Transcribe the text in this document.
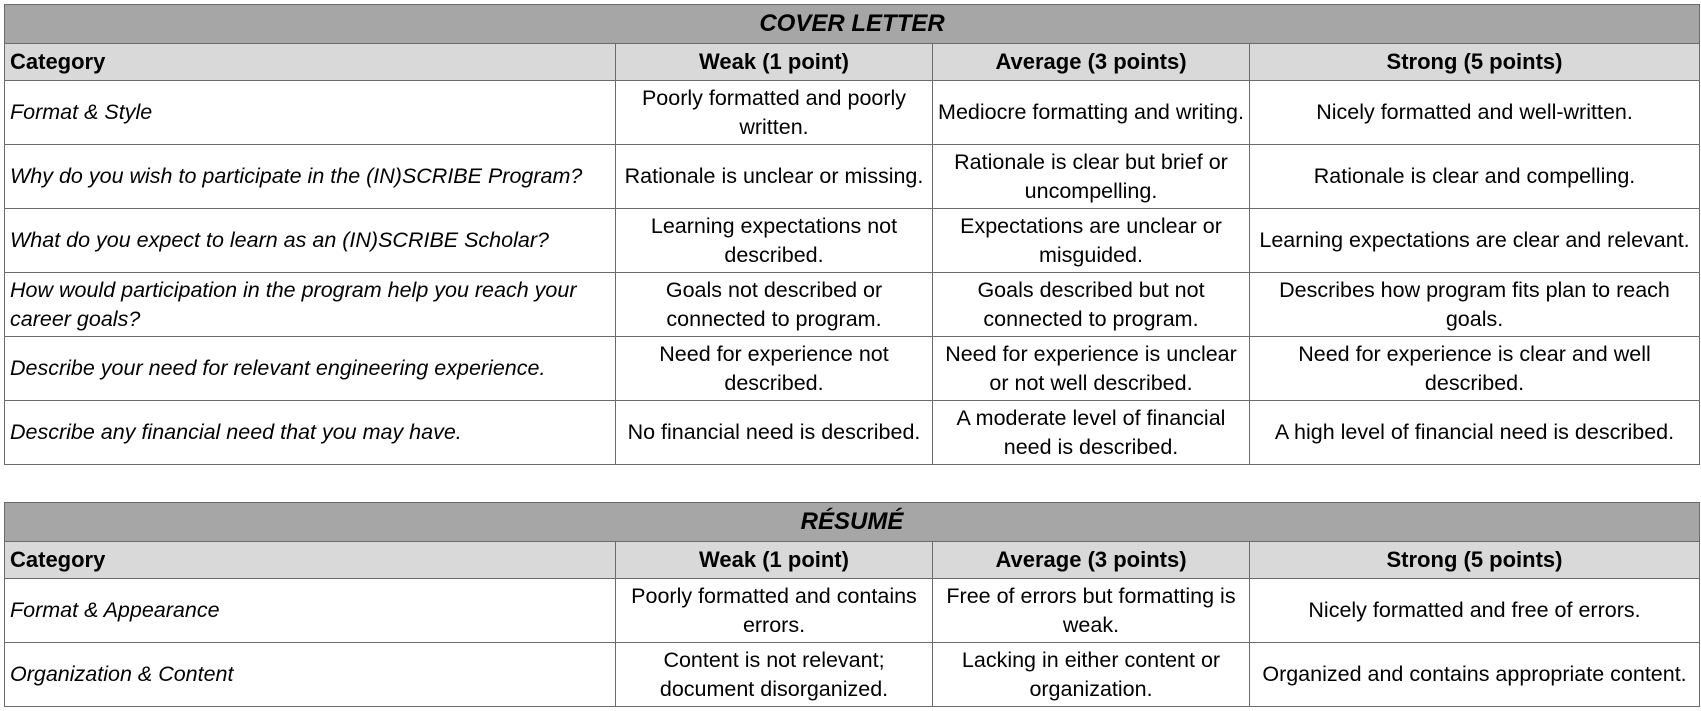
COVER LETTER			
Category	Weak (1 point)	Average (3 points)	Strong (5 points)
Format & Style	Poorly formatted and poorly written.	Mediocre formatting and writing.	Nicely formatted and well-written.
Why do you wish to participate in the (IN)SCRIBE Program?	Rationale is unclear or missing.	Rationale is clear but brief or uncompelling.	Rationale is clear and compelling.
What do you expect to learn as an (IN)SCRIBE Scholar?	Learning expectations not described.	Expectations are unclear or misguided.	Learning expectations are clear and relevant.
How would participation in the program help you reach your career goals?	Goals not described or connected to program.	Goals described but not connected to program.	Describes how program fits plan to reach goals.
Describe your need for relevant engineering experience.	Need for experience not described.	Need for experience is unclear or not well described.	Need for experience is clear and well described.
Describe any financial need that you may have.	No financial need is described.	A moderate level of financial need is described.	A high level of financial need is described.
RÉSUMÉ			
Category	Weak (1 point)	Average (3 points)	Strong (5 points)
Format & Appearance	Poorly formatted and contains errors.	Free of errors but formatting is weak.	Nicely formatted and free of errors.
Organization & Content	Content is not relevant; document disorganized.	Lacking in either content or organization.	Organized and contains appropriate content.
